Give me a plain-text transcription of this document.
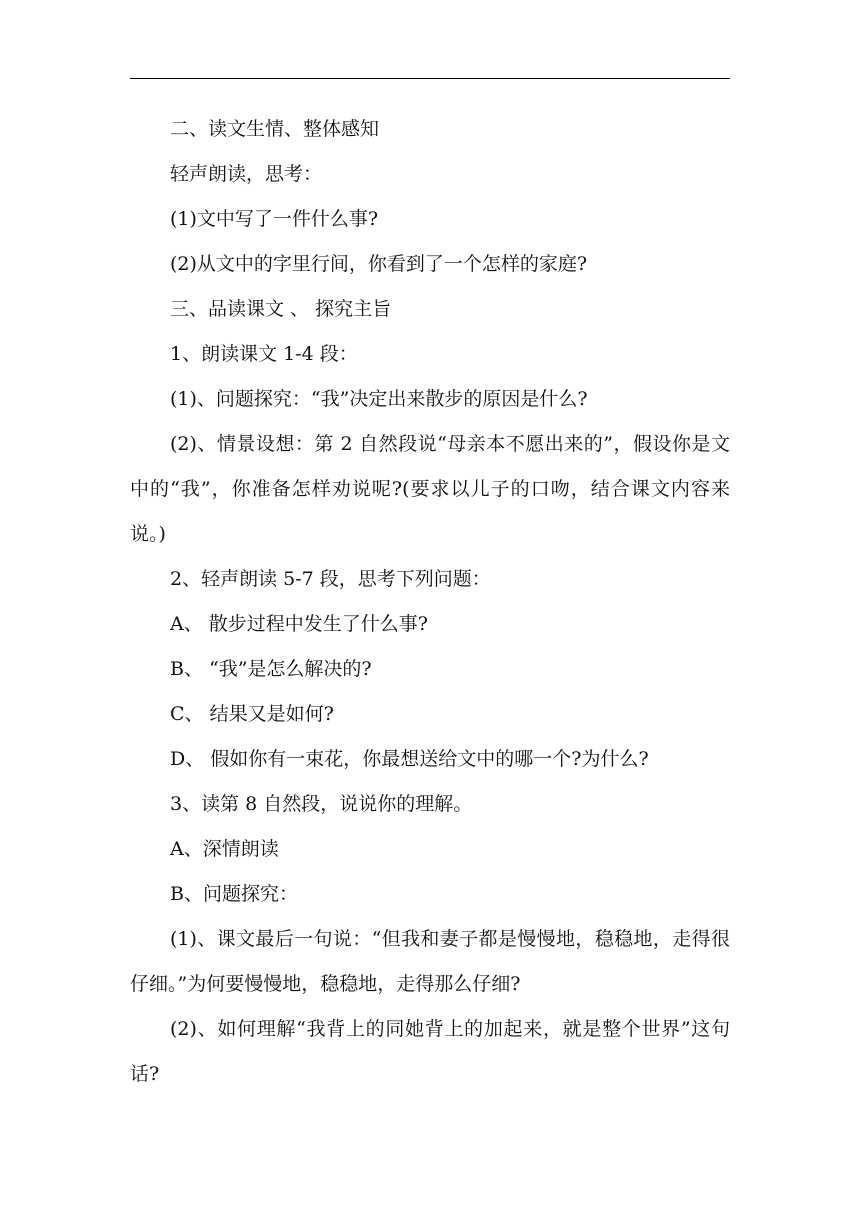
二、读文生情、整体感知

轻声朗读，思考：

(1)文中写了一件什么事?

(2)从文中的字里行间，你看到了一个怎样的家庭?

三、品读课文 、 探究主旨

1、朗读课文 1-4 段：

(1)、问题探究：“我”决定出来散步的原因是什么?

(2)、情景设想：第 2 自然段说“母亲本不愿出来的”，假设你是文中的“我”，你准备怎样劝说呢?(要求以儿子的口吻，结合课文内容来说。)

2、轻声朗读 5-7 段，思考下列问题：

A、 散步过程中发生了什么事?

B、 “我”是怎么解决的?

C、 结果又是如何?

D、 假如你有一束花，你最想送给文中的哪一个?为什么?

3、读第 8 自然段，说说你的理解。

A、深情朗读

B、问题探究：

(1)、课文最后一句说：“但我和妻子都是慢慢地，稳稳地，走得很仔细。”为何要慢慢地，稳稳地，走得那么仔细?

(2)、如何理解“我背上的同她背上的加起来，就是整个世界”这句话?
